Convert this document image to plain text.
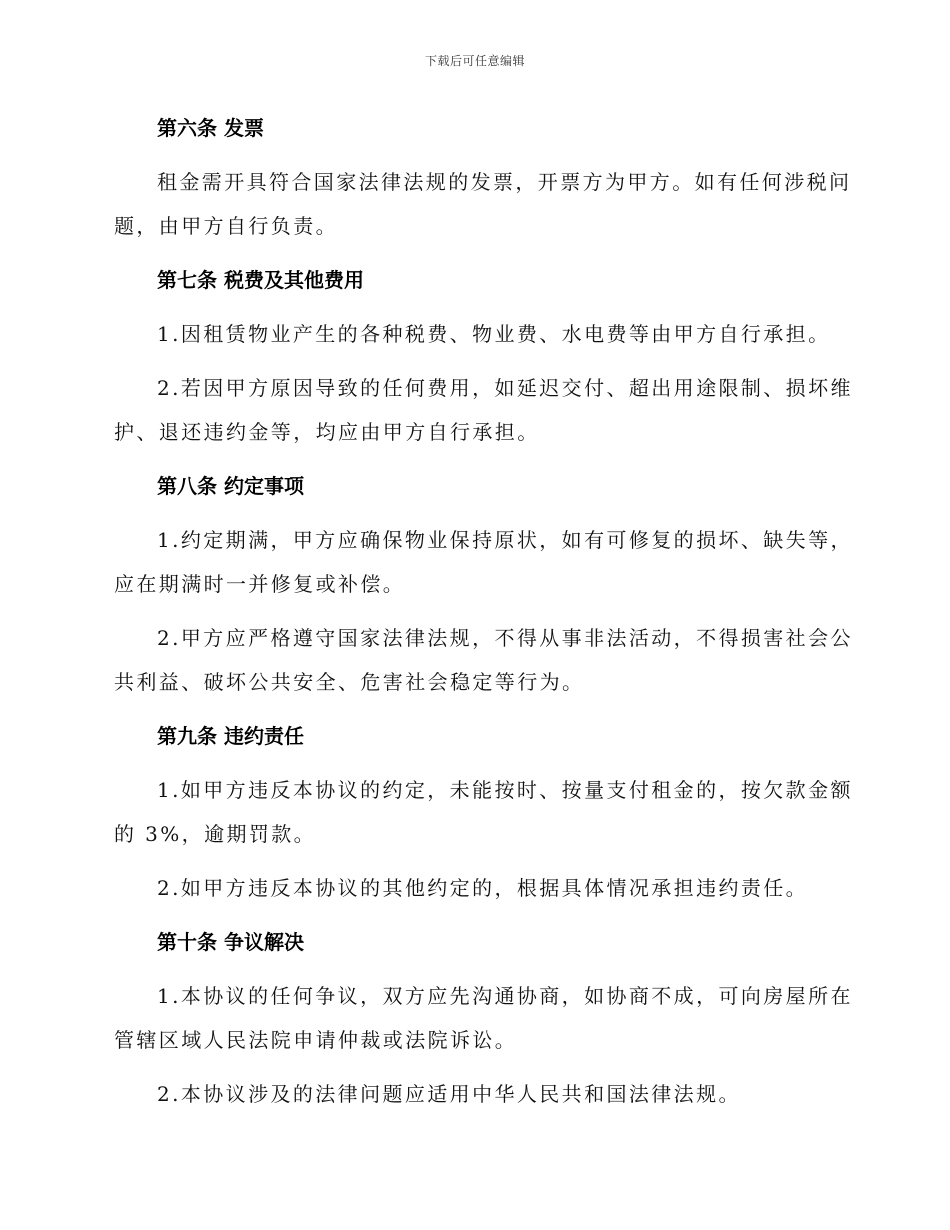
下载后可任意编辑
第六条 发票
租金需开具符合国家法律法规的发票，开票方为甲方。如有任何涉税问
题，由甲方自行负责。
第七条 税费及其他费用
1.因租赁物业产生的各种税费、物业费、水电费等由甲方自行承担。
2.若因甲方原因导致的任何费用，如延迟交付、超出用途限制、损坏维
护、退还违约金等，均应由甲方自行承担。
第八条 约定事项
1.约定期满，甲方应确保物业保持原状，如有可修复的损坏、缺失等，
应在期满时一并修复或补偿。
2.甲方应严格遵守国家法律法规，不得从事非法活动，不得损害社会公
共利益、破坏公共安全、危害社会稳定等行为。
第九条 违约责任
1.如甲方违反本协议的约定，未能按时、按量支付租金的，按欠款金额
的 3%，逾期罚款。
2.如甲方违反本协议的其他约定的，根据具体情况承担违约责任。
第十条 争议解决
1.本协议的任何争议，双方应先沟通协商，如协商不成，可向房屋所在
管辖区域人民法院申请仲裁或法院诉讼。
2.本协议涉及的法律问题应适用中华人民共和国法律法规。
